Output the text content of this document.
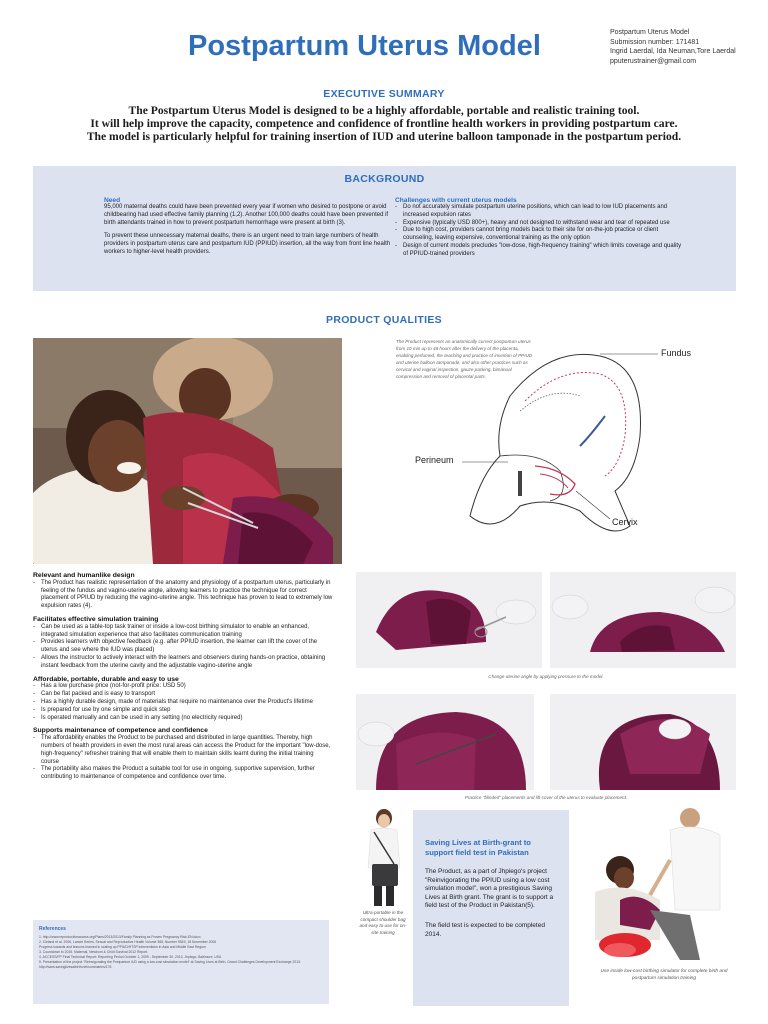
Postpartum Uterus Model	Postpartum Uterus Model
Submission number: 171481
Ingrid Laerdal, Ida Neuman,Tore Laerdal
pputerustrainer@gmail.com
EXECUTIVE SUMMARY
The Postpartum Uterus Model is designed to be a highly affordable, portable and realistic training tool.
It will help improve the capacity, competence and confidence of frontline health workers in providing postpartum care.
The model is particularly helpful for training insertion of IUD and uterine balloon tamponade in the postpartum period.
BACKGROUND
Need

95,000 maternal deaths could have been prevented every year if women who desired to postpone or avoid childbearing had used effective family planning (1,2). Another 100,000 deaths could have been prevented if birth attendants trained in how to prevent postpartum hemorrhage were present at birth (3).

To prevent these unnecessary maternal deaths, there is an urgent need to train large numbers of health providers in postpartum uterus care and postpartum IUD (PPIUD) insertion, all the way from front line health workers to higher-level health providers.

Challenges with current uterus models
- Do not accurately simulate postpartum uterine positions, which can lead to low IUD placements and increased expulsion rates
- Expensive (typically USD 800+), heavy and not designed to withstand wear and tear of repeated use
- Due to high cost, providers cannot bring models back to their site for on-the-job practice or client counseling, leaving expensive, conventional training as the only option
- Design of current models precludes "low-dose, high-frequency training" which limits coverage and quality of PPIUD-trained providers
PRODUCT QUALITIES
The Product represents an anatomically correct postpartum uterus from 10 min up to 48 hours after the delivery of the placenta, enabling perfumed, the teaching and practice of insertion of PPIUD and uterine balloon tamponade, and also other practices such as cervical and vaginal inspection, gauze packing, bimanual compression and removal of placental parts.
Fundus
Perineum
Cervix
Relevant and humanlike design
- The Product has realistic representation of the anatomy and physiology of a postpartum uterus, particularly in feeling of the fundus and vagino-uterine angle, allowing learners to practice the technique for correct placement of PPIUD by reducing the vagino-uterine angle. This technique has proven to lead to extremely low expulsion rates (4).
Facilitates effective simulation training
- Can be used as a table-top task trainer or inside a low-cost birthing simulator to enable an enhanced, integrated simulation experience that also facilitates communication training
- Provides learners with objective feedback (e.g. after PPIUD insertion, the learner can lift the cover of the uterus and see where the IUD was placed)
- Allows the instructor to actively interact with the learners and observers during hands-on practice, obtaining instant feedback from the uterine cavity and the adjustable vagino-uterine angle
Affordable, portable, durable and easy to use
- Has a low purchase price (not-for-profit price: USD 50)
- Can be flat packed and is easy to transport
- Has a highly durable design, made of materials that require no maintenance over the Product's lifetime
- Is prepared for use by one simple and quick step
- Is operated manually and can be used in any setting (no electricity required)
Supports maintenance of competence and confidence
- The affordability enables the Product to be purchased and distributed in large quantities. Thereby, high numbers of health providers in even the most rural areas can access the Product for the important "low-dose, high-frequency" refresher training that will enable them to maintain skills learnt during the initial training course
- The portability also makes the Product a suitable tool for use in ongoing, supportive supervision, further contributing to maintenance of competence and confidence over time.
Change uterine angle by applying pressure to the model.
Practice "blinded" placements and lift cover of the uterus to evaluate placement.
References
1. http://www.reproductiveaccess.org/Plans/2013/2013/Family Planning as Proven Pregnancy Risk-EN.docx
2. Cleland et al. 2006, Lancet Series, Sexual and Reproductive Health Volume 368, Number 9549, 18 November 2006
Progress towards and lessons learned in scaling up PPIUD/HTSP interventions in Asia and Middle East Region
3. Countdown to 2015. Maternal, Newborn & Child Survival 2012 Report.
4. ACCESS/FP Final Technical Report: Reporting Period October 1, 2009 - September 30, 2013, Jhpiego, Baltimore, USA
5. Presentation of the project "Reinvigorating the Postpartum IUD using a low-cost simulation model" at Saving Lives at Birth, Grand Challenges Development Exchange 2013.
http://www.savinglivesatbirth.net/summaries/176
Ultra-portable in the compact shoulder bag and easy to use for on-site training
Saving Lives at Birth-grant to support field test in Pakistan
The Product, as a part of Jhpiego's project "Reinvigorating the PPIUD using a low cost simulation model", won a prestigious Saving Lives at Birth grant. The grant is to support a field test of the Product in Pakistan(5).
The field test is expected to be completed 2014.
Use inside low-cost birthing simulator for complete birth and postpartum simulation training
